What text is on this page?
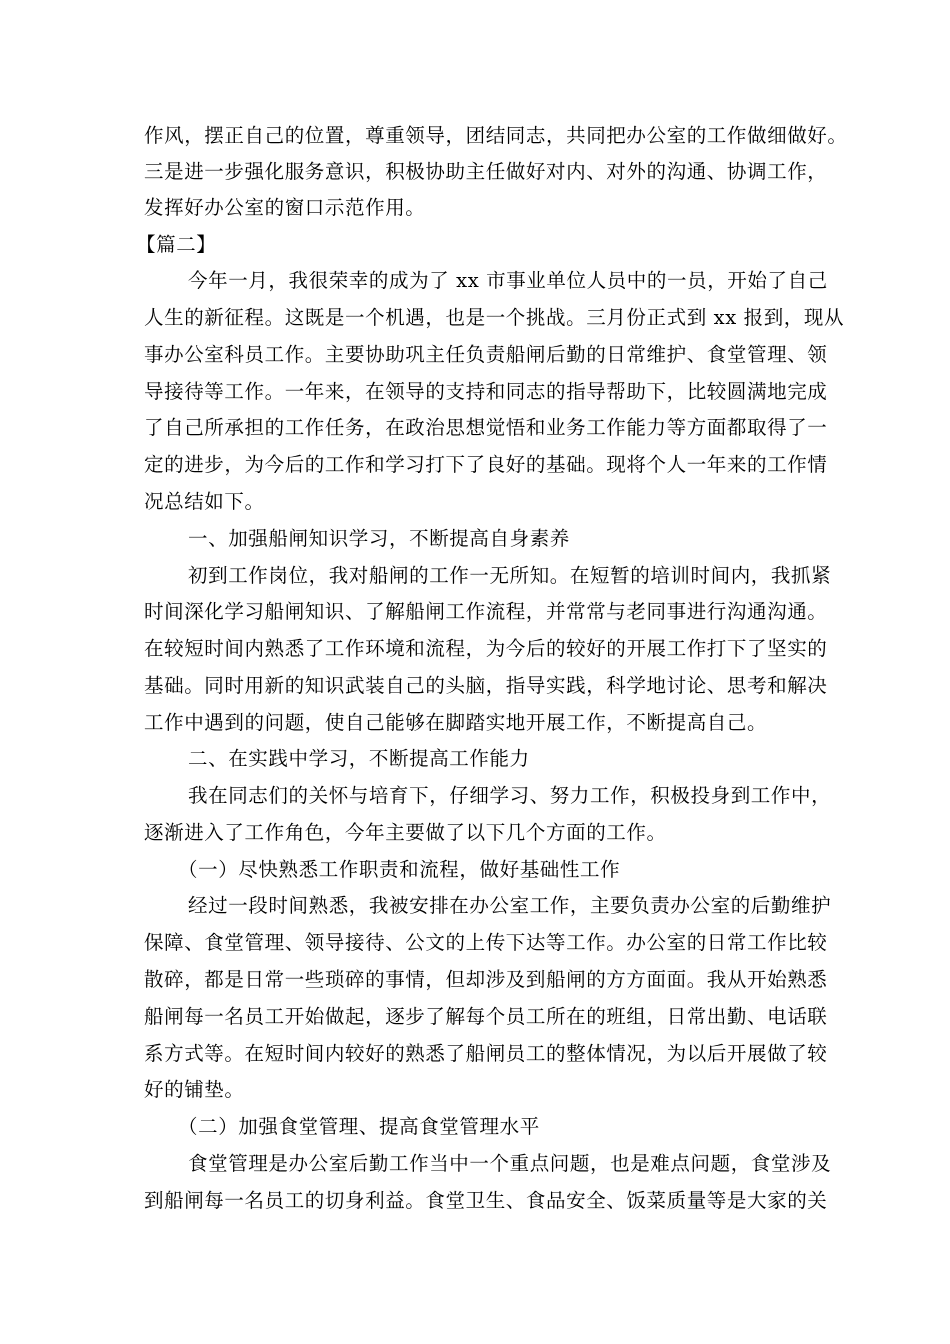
作风，摆正自己的位置，尊重领导，团结同志，共同把办公室的工作做细做好。
三是进一步强化服务意识，积极协助主任做好对内、对外的沟通、协调工作，
发挥好办公室的窗口示范作用。
【篇二】
今年一月，我很荣幸的成为了 xx 市事业单位人员中的一员，开始了自己
人生的新征程。这既是一个机遇，也是一个挑战。三月份正式到 xx 报到，现从
事办公室科员工作。主要协助巩主任负责船闸后勤的日常维护、食堂管理、领
导接待等工作。一年来，在领导的支持和同志的指导帮助下，比较圆满地完成
了自己所承担的工作任务，在政治思想觉悟和业务工作能力等方面都取得了一
定的进步，为今后的工作和学习打下了良好的基础。现将个人一年来的工作情
况总结如下。
一、加强船闸知识学习，不断提高自身素养
初到工作岗位，我对船闸的工作一无所知。在短暂的培训时间内，我抓紧
时间深化学习船闸知识、了解船闸工作流程，并常常与老同事进行沟通沟通。
在较短时间内熟悉了工作环境和流程，为今后的较好的开展工作打下了坚实的
基础。同时用新的知识武装自己的头脑，指导实践，科学地讨论、思考和解决
工作中遇到的问题，使自己能够在脚踏实地开展工作，不断提高自己。
二、在实践中学习，不断提高工作能力
我在同志们的关怀与培育下，仔细学习、努力工作，积极投身到工作中，
逐渐进入了工作角色，今年主要做了以下几个方面的工作。
（一）尽快熟悉工作职责和流程，做好基础性工作
经过一段时间熟悉，我被安排在办公室工作，主要负责办公室的后勤维护
保障、食堂管理、领导接待、公文的上传下达等工作。办公室的日常工作比较
散碎，都是日常一些琐碎的事情，但却涉及到船闸的方方面面。我从开始熟悉
船闸每一名员工开始做起，逐步了解每个员工所在的班组，日常出勤、电话联
系方式等。在短时间内较好的熟悉了船闸员工的整体情况，为以后开展做了较
好的铺垫。
（二）加强食堂管理、提高食堂管理水平
食堂管理是办公室后勤工作当中一个重点问题，也是难点问题，食堂涉及
到船闸每一名员工的切身利益。食堂卫生、食品安全、饭菜质量等是大家的关
